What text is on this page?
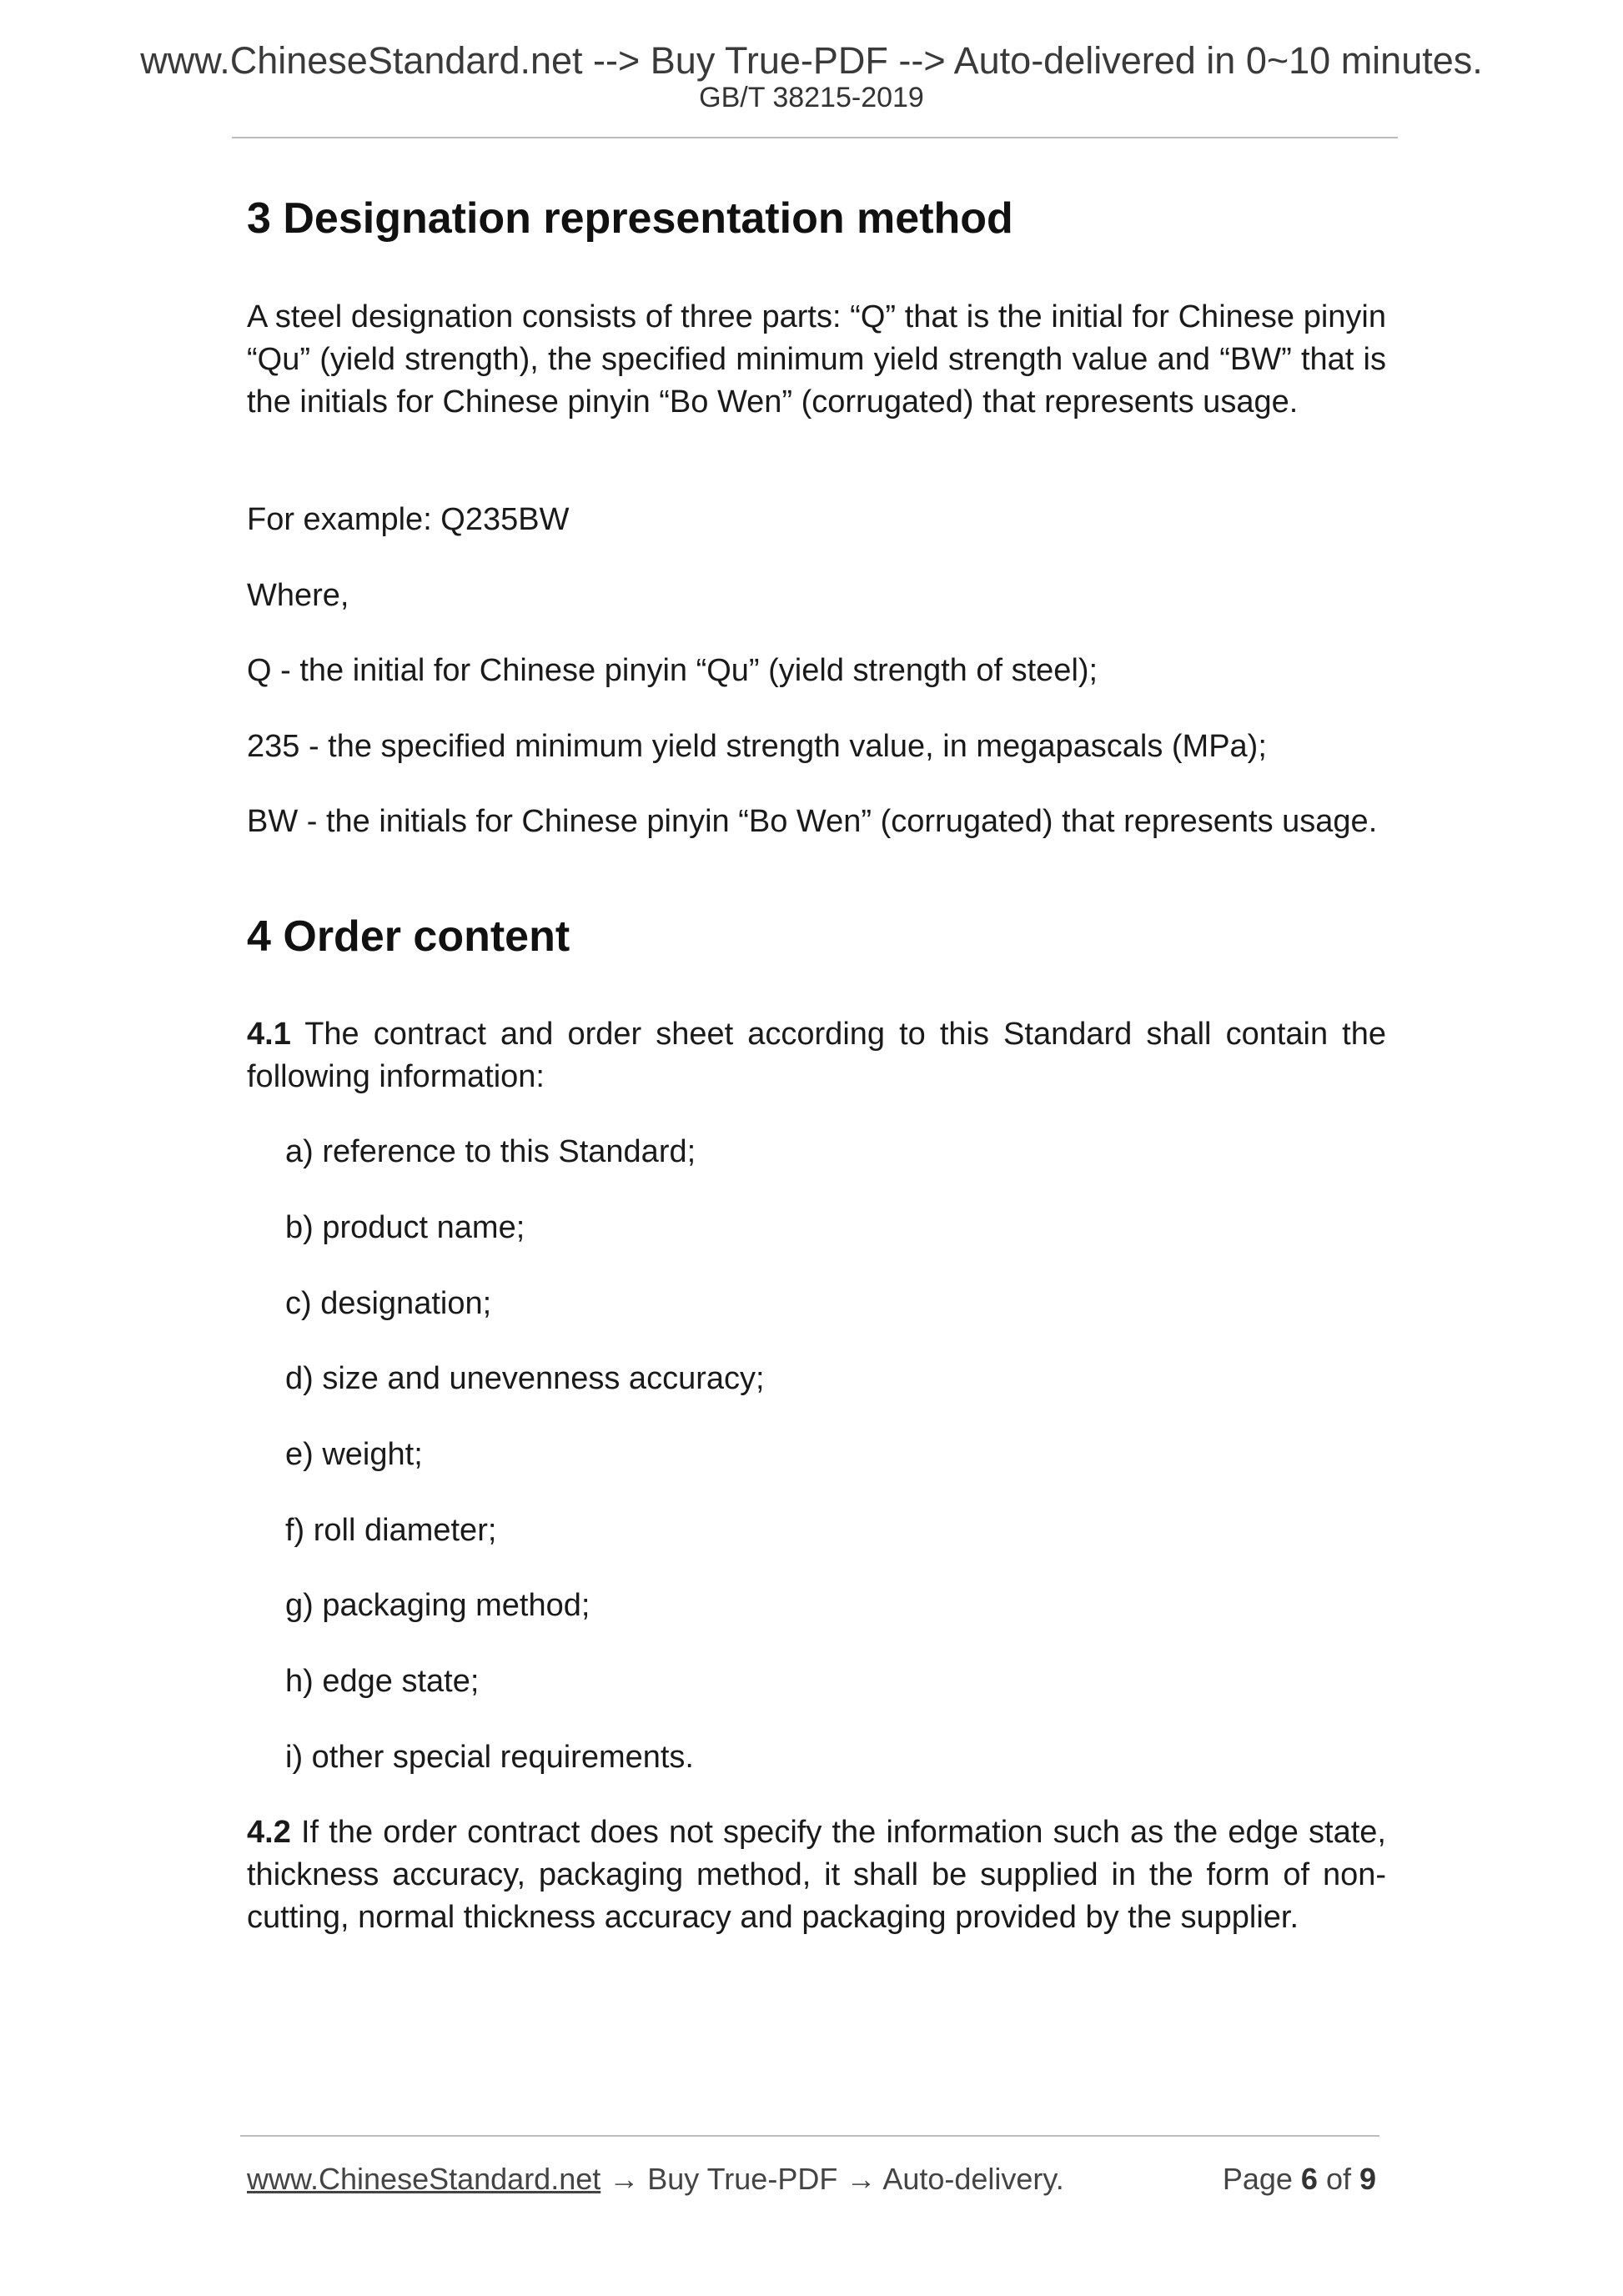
www.ChineseStandard.net --> Buy True-PDF --> Auto-delivered in 0~10 minutes.
GB/T 38215-2019
3 Designation representation method

A steel designation consists of three parts: “Q” that is the initial for Chinese pinyin “Qu” (yield strength), the specified minimum yield strength value and “BW” that is the initials for Chinese pinyin “Bo Wen” (corrugated) that represents usage.

For example: Q235BW

Where,

Q - the initial for Chinese pinyin “Qu” (yield strength of steel);

235 - the specified minimum yield strength value, in megapascals (MPa);

BW - the initials for Chinese pinyin “Bo Wen” (corrugated) that represents usage.

4 Order content

4.1 The contract and order sheet according to this Standard shall contain the following information:

a) reference to this Standard;

b) product name;

c) designation;

d) size and unevenness accuracy;

e) weight;

f) roll diameter;

g) packaging method;

h) edge state;

i) other special requirements.

4.2 If the order contract does not specify the information such as the edge state, thickness accuracy, packaging method, it shall be supplied in the form of non-cutting, normal thickness accuracy and packaging provided by the supplier.

www.ChineseStandard.net → Buy True-PDF → Auto-delivery.	Page 6 of 9
